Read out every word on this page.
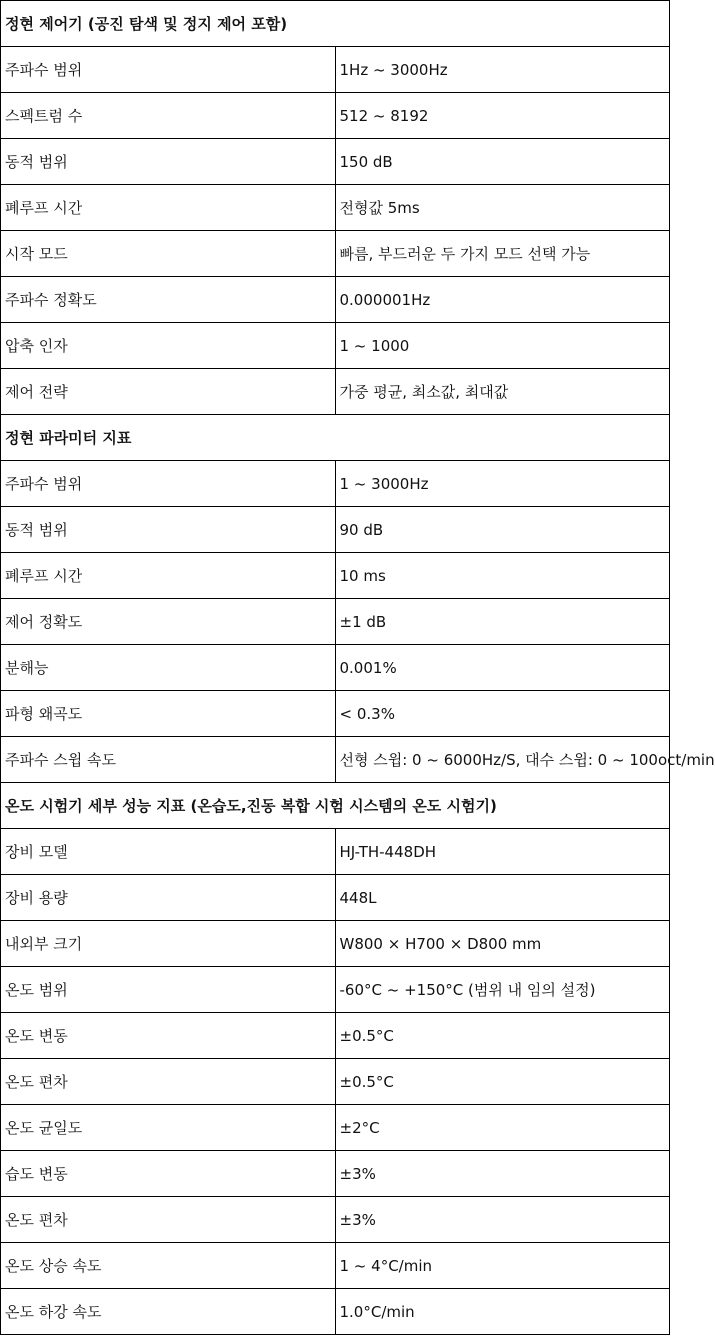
정현 제어기 (공진 탐색 및 정지 제어 포함)	
주파수 범위	1Hz ~ 3000Hz
스펙트럼 수	512 ~ 8192
동적 범위	150 dB
폐루프 시간	전형값 5ms
시작 모드	빠름, 부드러운 두 가지 모드 선택 가능
주파수 정확도	0.000001Hz
압축 인자	1 ~ 1000
제어 전략	가중 평균, 최소값, 최대값
정현 파라미터 지표	
주파수 범위	1 ~ 3000Hz
동적 범위	90 dB
폐루프 시간	10 ms
제어 정확도	±1 dB
분해능	0.001%
파형 왜곡도	< 0.3%
주파수 스윕 속도	선형 스윕: 0 ~ 6000Hz/S, 대수 스윕: 0 ~ 100oct/min
온도 시험기 세부 성능 지표 (온습도,진동 복합 시험 시스템의 온도 시험기)	
장비 모델	HJ-TH-448DH
장비 용량	448L
내외부 크기	W800 × H700 × D800 mm
온도 범위	-60°C ~ +150°C (범위 내 임의 설정)
온도 변동	±0.5°C
온도 편차	±0.5°C
온도 균일도	±2°C
습도 변동	±3%
온도 편차	±3%
온도 상승 속도	1 ~ 4°C/min
온도 하강 속도	1.0°C/min
